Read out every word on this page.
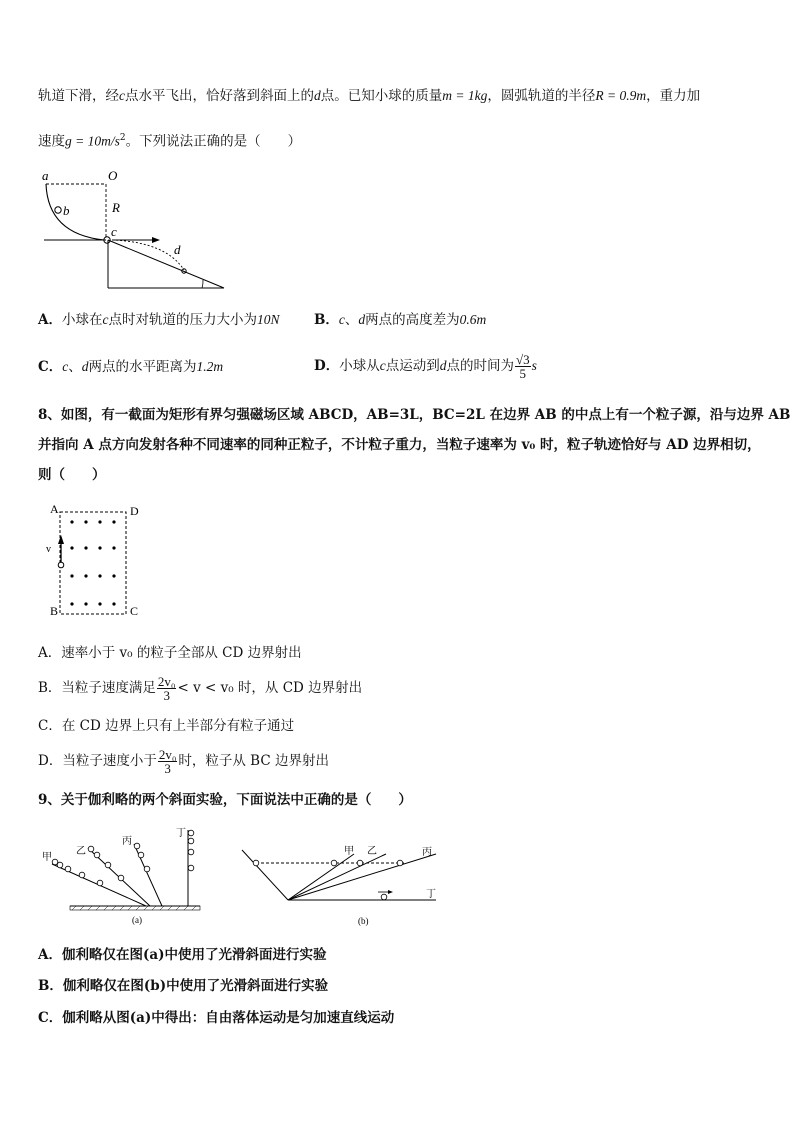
轨道下滑，经c点水平飞出，恰好落到斜面上的d点。已知小球的质量m = 1kg，圆弧轨道的半径R = 0.9m，重力加
速度$g = 10m/s^2$。下列说法正确的是（　　）
a	O
b	R
c
d
A．小球在c点时对轨道的压力大小为10N	B．c、d两点的高度差为0.6m
C．c、d两点的水平距离为1.2m	D．小球从c点运动到d点的时间为 $\frac{√3}{5}$ s
8、如图，有一截面为矩形有界匀强磁场区域 ABCD，AB=3L，BC=2L 在边界 AB 的中点上有一个粒子源，沿与边界 AB
并指向 A 点方向发射各种不同速率的同种正粒子，不计粒子重力，当粒子速率为 v₀ 时，粒子轨迹恰好与 AD 边界相切，
则（　　）
A	D
B	C
v
A．速率小于 v₀ 的粒子全部从 CD 边界射出
B．当粒子速度满足 $\frac{\text{2v₀}}{3} < v < v_0$ 时，从 CD 边界射出
C．在 CD 边界上只有上半部分有粒子通过
D．当粒子速度小于 $\frac{\text{2v₀}}{3}$ 时，粒子从 BC 边界射出
9、关于伽利略的两个斜面实验，下面说法中正确的是（　　）
甲
乙
丙
丁
(a)
甲 乙	丙
丁
(b)
A．伽利略仅在图(a)中使用了光滑斜面进行实验
B．伽利略仅在图(b)中使用了光滑斜面进行实验
C．伽利略从图(a)中得出：自由落体运动是匀加速直线运动
